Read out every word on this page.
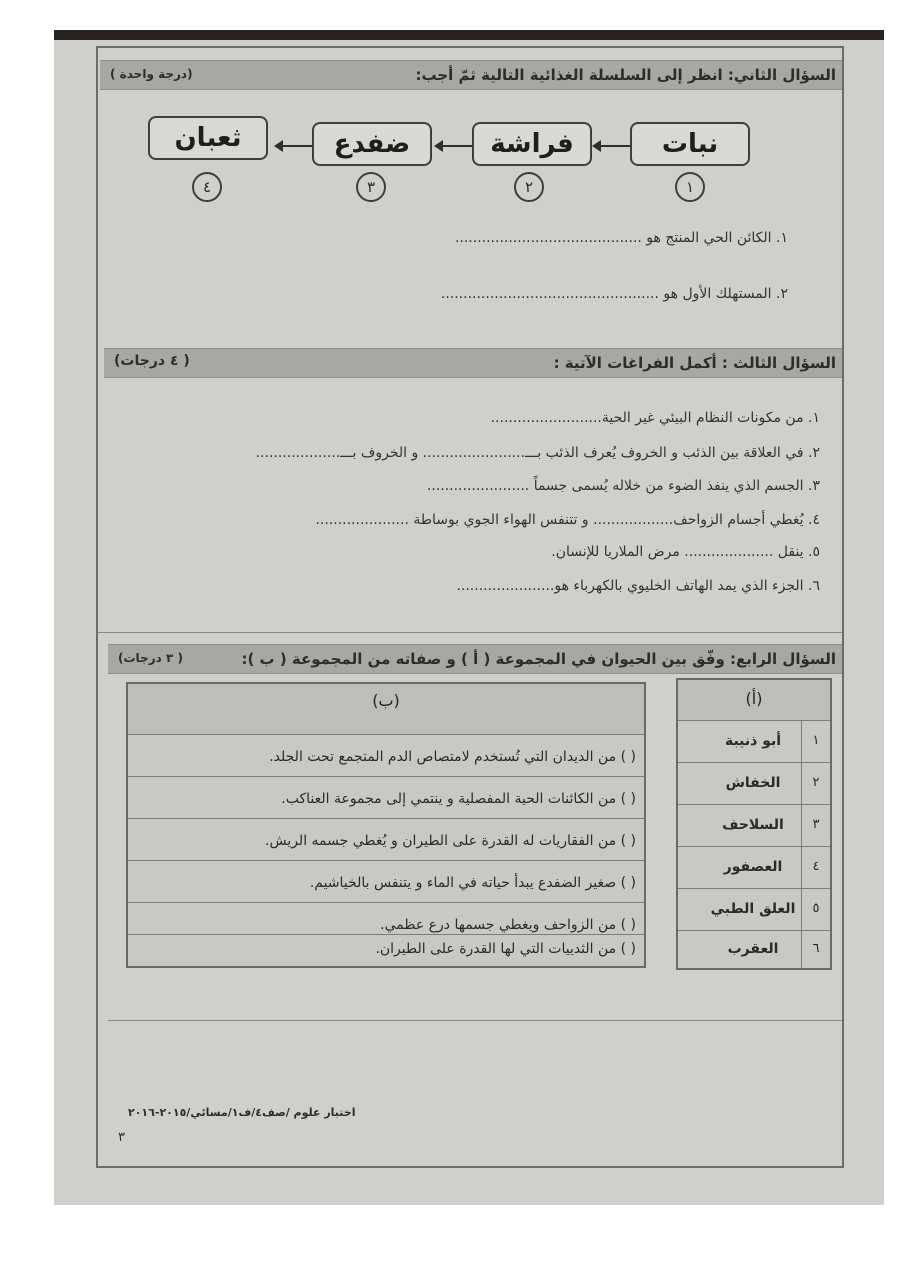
السؤال الثاني: انظر إلى السلسلة الغذائية التالية ثمّ أجب:
(درجة واحدة )
نبات
فراشة
ضفدع
ثعبان
١
٢
٣
٤
١. الكائن الحي المنتج هو ..........................................
٢. المستهلك الأول هو .................................................
السؤال الثالث : أكمل الفراغات الآتية :
( ٤ درجات)
١. من مكونات النظام البيئي غير الحية.........................
٢. في العلاقة بين الذئب و الخروف يُعرف الذئب بـــ....................... و الخروف بـــ...................
٣. الجسم الذي ينفذ الضوء من خلاله يُسمى جسماً .......................
٤. يُغطي أجسام الزواحف.................. و تتنفس الهواء الجوي بوساطة .....................
٥. ينقل .................... مرض الملاريا للإنسان.
٦. الجزء الذي يمد الهاتف الخليوي بالكهرباء هو......................
السؤال الرابع: وفّق بين الحيوان في المجموعة ( أ ) و صفاته من المجموعة ( ب ):
( ٣ درجات)
(ب)
( ) من الديدان التي تُستخدم لامتصاص الدم المتجمع تحت الجلد.
( ) من الكائنات الحية المفصلية و ينتمي إلى مجموعة العناكب.
( ) من الفقاريات له القدرة على الطيران و يُغطي جسمه الريش.
( ) صغير الضفدع يبدأ حياته في الماء و يتنفس بالخياشيم.
( ) من الزواحف ويغطي جسمها درع عظمي.
( ) من الثدييات التي لها القدرة على الطيران.
(أ)
١
أبو ذنيبة
٢
الخفاش
٣
السلاحف
٤
العصفور
٥
العلق الطبي
٦
العقرب
اختبار علوم /صف٤/ف١/مسائي/٢٠١٥-٢٠١٦
٣
